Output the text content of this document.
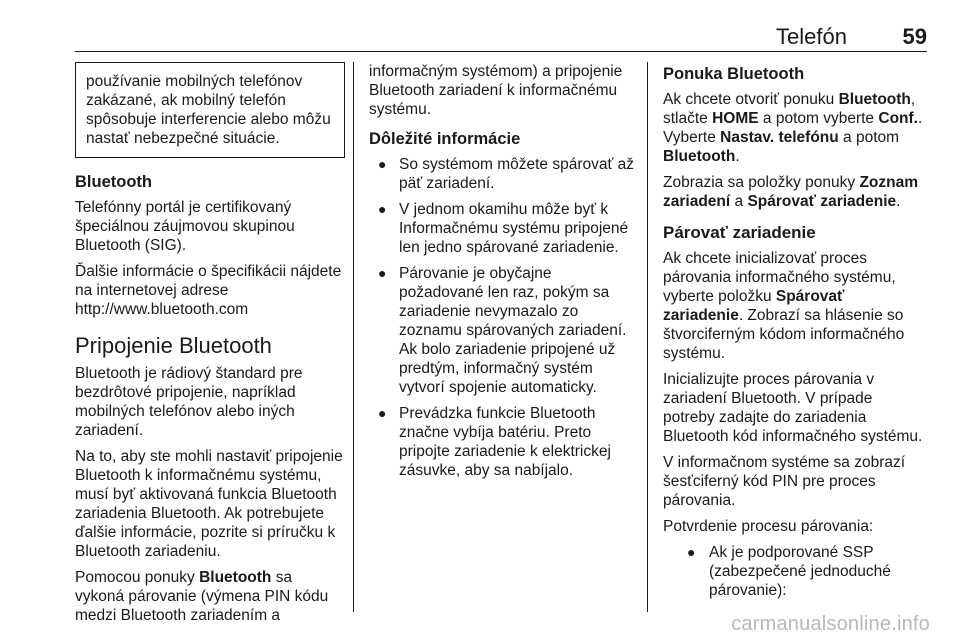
Telefón	59
používanie mobilných telefónov zakázané, ak mobilný telefón spôsobuje interferencie alebo môžu nastať nebezpečné situácie.
Bluetooth

Telefónny portál je certifikovaný špeciálnou záujmovou skupinou Bluetooth (SIG).

Ďalšie informácie o špecifikácii nájdete na internetovej adrese http://www.bluetooth.com

Pripojenie Bluetooth

Bluetooth je rádiový štandard pre bezdrôtové pripojenie, napríklad mobilných telefónov alebo iných zariadení.

Na to, aby ste mohli nastaviť pripojenie Bluetooth k informačnému systému, musí byť aktivovaná funkcia Bluetooth zariadenia Bluetooth. Ak potrebujete ďalšie informácie, pozrite si príručku k Bluetooth zariadeniu.

Pomocou ponuky Bluetooth sa vykoná párovanie (výmena PIN kódu medzi Bluetooth zariadením a

informačným systémom) a pripojenie Bluetooth zariadení k informačnému systému.

Dôležité informácie
● So systémom môžete spárovať až päť zariadení.
● V jednom okamihu môže byť k Informačnému systému pripojené len jedno spárované zariadenie.
● Párovanie je obyčajne požadované len raz, pokým sa zariadenie nevymazalo zo zoznamu spárovaných zariadení. Ak bolo zariadenie pripojené už predtým, informačný systém vytvorí spojenie automaticky.
● Prevádzka funkcie Bluetooth značne vybíja batériu. Preto pripojte zariadenie k elektrickej zásuvke, aby sa nabíjalo.
Ponuka Bluetooth

Ak chcete otvoriť ponuku Bluetooth, stlačte HOME a potom vyberte Conf.. Vyberte Nastav. telefónu a potom Bluetooth.

Zobrazia sa položky ponuky Zoznam zariadení a Spárovať zariadenie.

Párovať zariadenie

Ak chcete inicializovať proces párovania informačného systému, vyberte položku Spárovať zariadenie. Zobrazí sa hlásenie so štvorciferným kódom informačného systému.

Inicializujte proces párovania v zariadení Bluetooth. V prípade potreby zadajte do zariadenia Bluetooth kód informačného systému.

V informačnom systéme sa zobrazí šesťciferný kód PIN pre proces párovania.

Potvrdenie procesu párovania:

● Ak je podporované SSP (zabezpečené jednoduché párovanie):
carmanualsonline.info
